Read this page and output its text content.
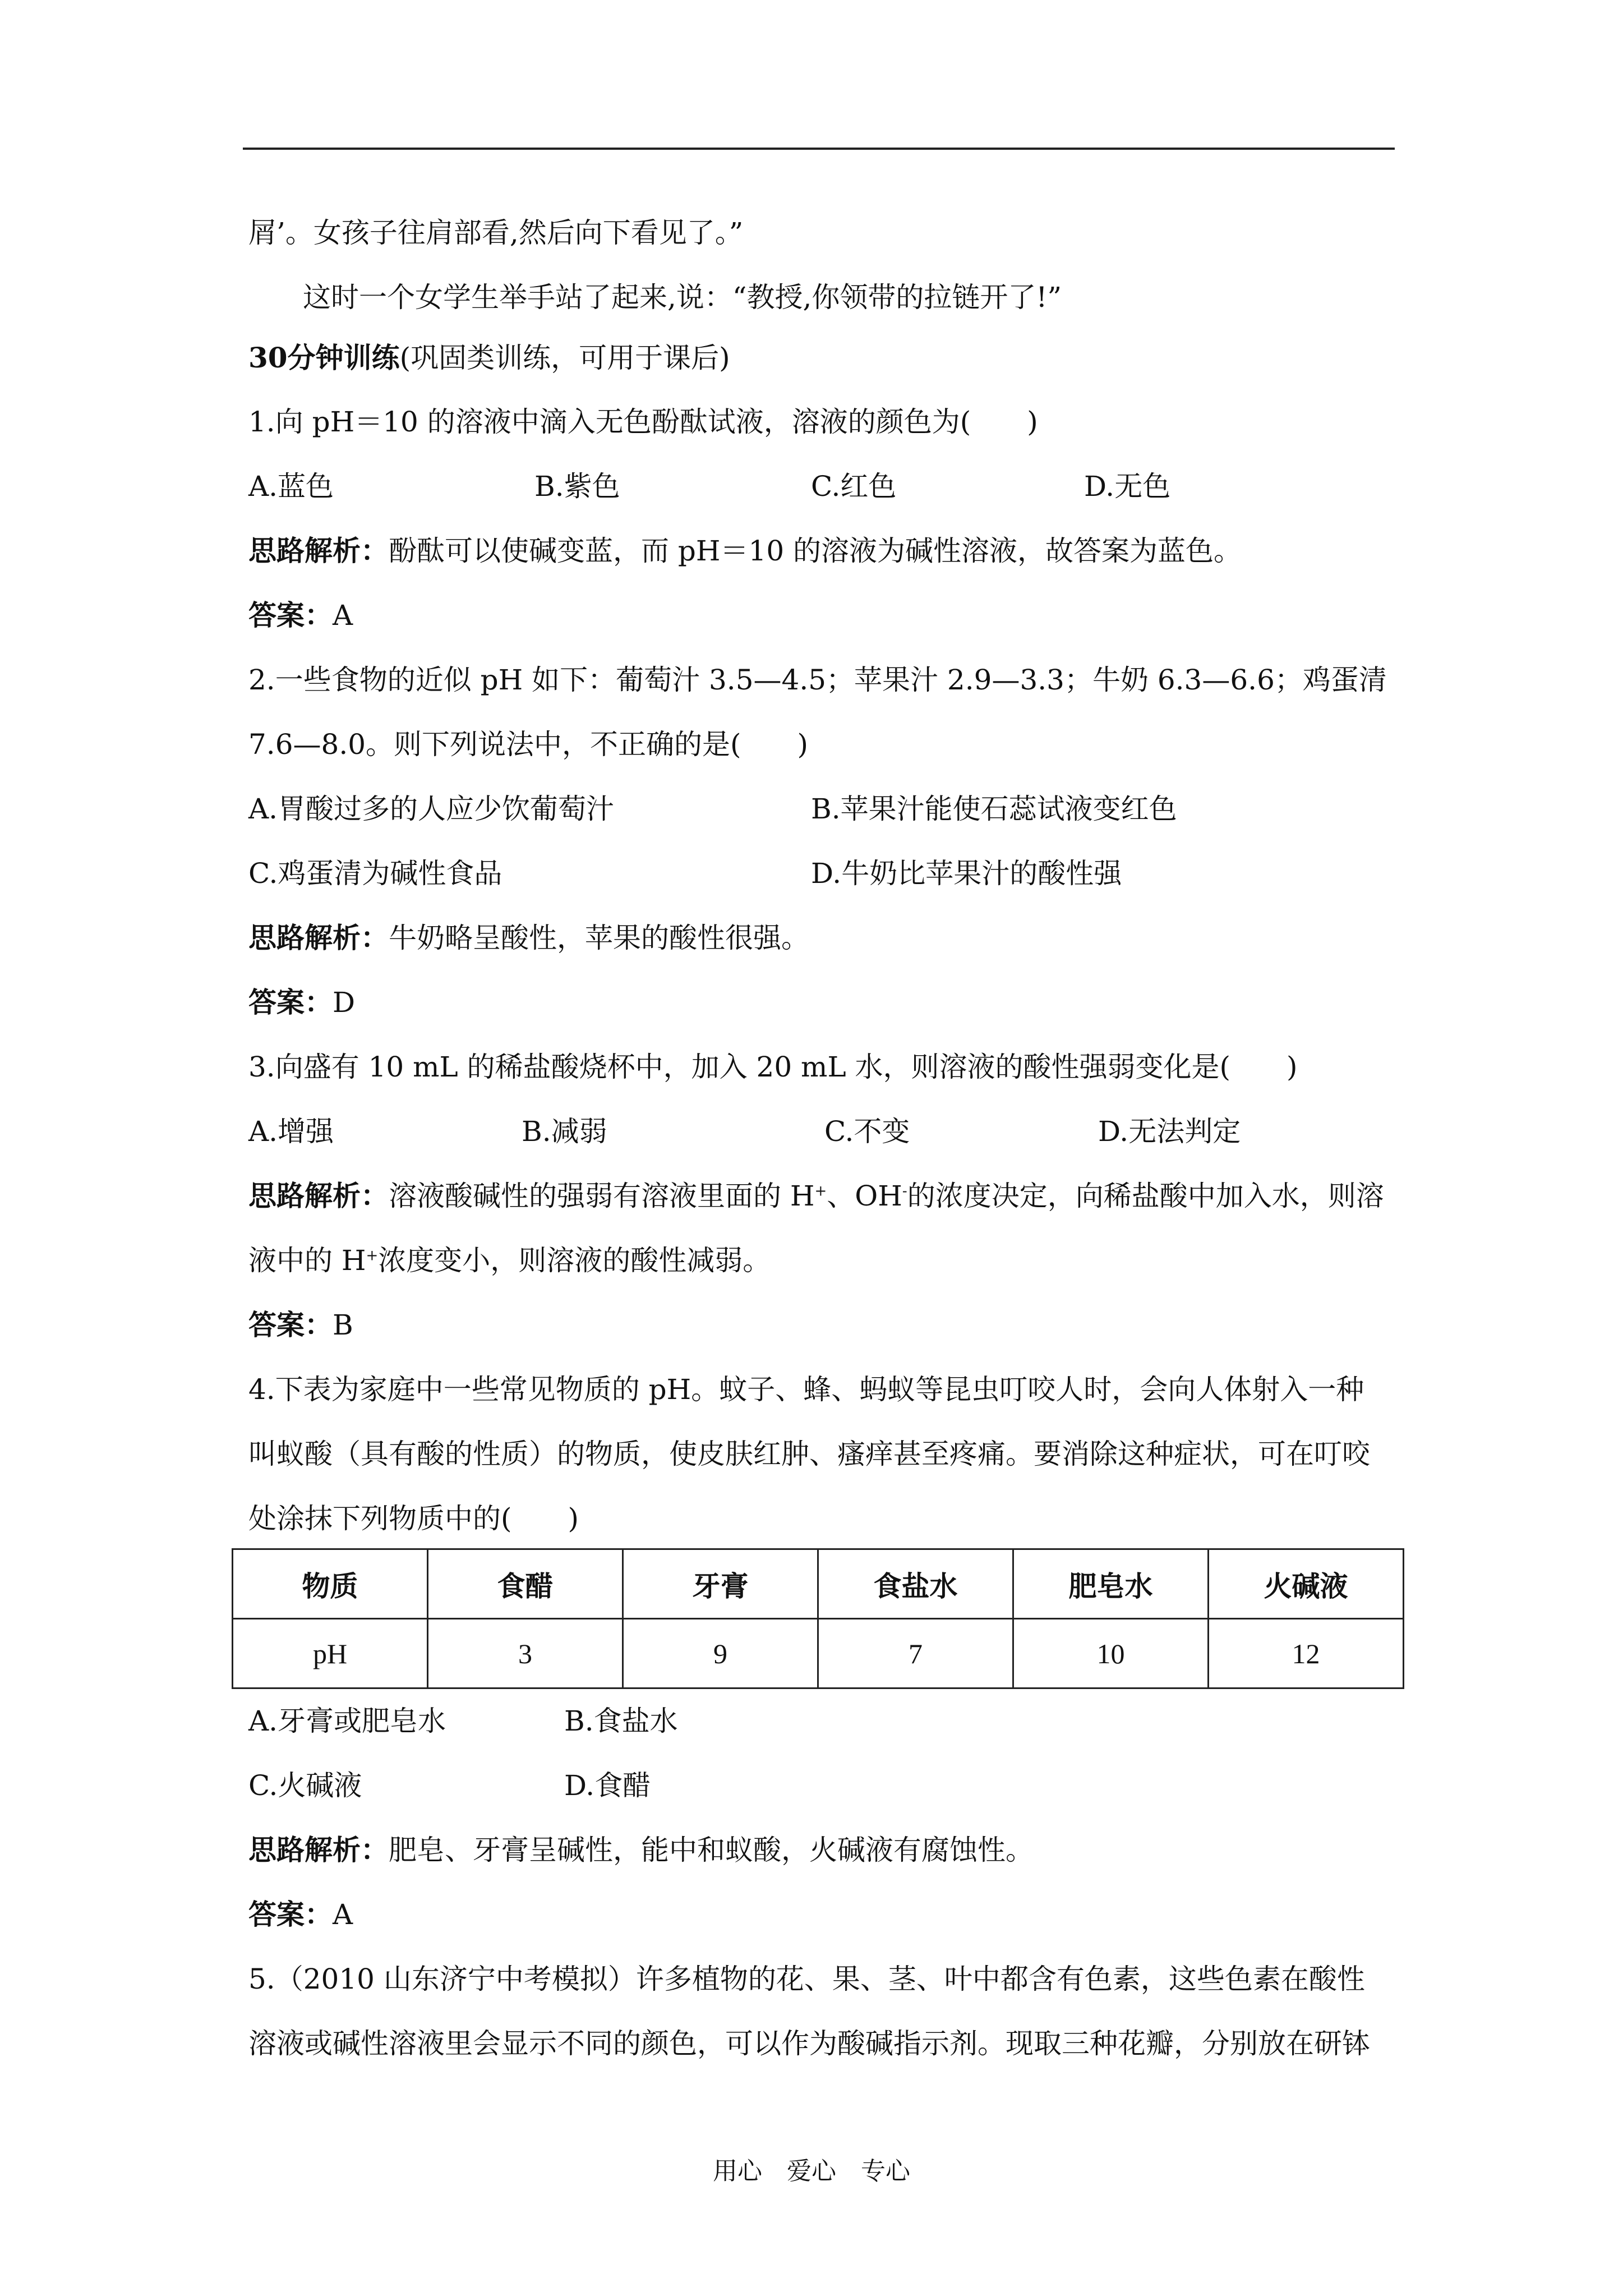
屑’。女孩子往肩部看,然后向下看见了。”
这时一个女学生举手站了起来,说：“教授,你领带的拉链开了!”
30分钟训练(巩固类训练，可用于课后)
1.向 pH＝10 的溶液中滴入无色酚酞试液，溶液的颜色为(　　)
A.蓝色	B.紫色	C.红色	D.无色
思路解析：酚酞可以使碱变蓝，而 pH＝10 的溶液为碱性溶液，故答案为蓝色。
答案：A
2.一些食物的近似 pH 如下：葡萄汁 3.5—4.5；苹果汁 2.9—3.3；牛奶 6.3—6.6；鸡蛋清
7.6—8.0。则下列说法中，不正确的是(　　)
A.胃酸过多的人应少饮葡萄汁	B.苹果汁能使石蕊试液变红色
C.鸡蛋清为碱性食品	D.牛奶比苹果汁的酸性强
思路解析：牛奶略呈酸性，苹果的酸性很强。
答案：D
3.向盛有 10 mL 的稀盐酸烧杯中，加入 20 mL 水，则溶液的酸性强弱变化是(　　)
A.增强	B.减弱	C.不变	D.无法判定
思路解析：溶液酸碱性的强弱有溶液里面的 H+、OH-的浓度决定，向稀盐酸中加入水，则溶
液中的 H+浓度变小，则溶液的酸性减弱。
答案：B
4.下表为家庭中一些常见物质的 pH。蚊子、蜂、蚂蚁等昆虫叮咬人时，会向人体射入一种
叫蚁酸（具有酸的性质）的物质，使皮肤红肿、瘙痒甚至疼痛。要消除这种症状，可在叮咬
处涂抹下列物质中的(　　)
物质	食醋	牙膏	食盐水	肥皂水	火碱液
pH	3	9	7	10	12
A.牙膏或肥皂水	B.食盐水
C.火碱液	D.食醋
思路解析：肥皂、牙膏呈碱性，能中和蚁酸，火碱液有腐蚀性。
答案：A
5.（2010 山东济宁中考模拟）许多植物的花、果、茎、叶中都含有色素，这些色素在酸性
溶液或碱性溶液里会显示不同的颜色，可以作为酸碱指示剂。现取三种花瓣，分别放在研钵
用心　爱心　专心
